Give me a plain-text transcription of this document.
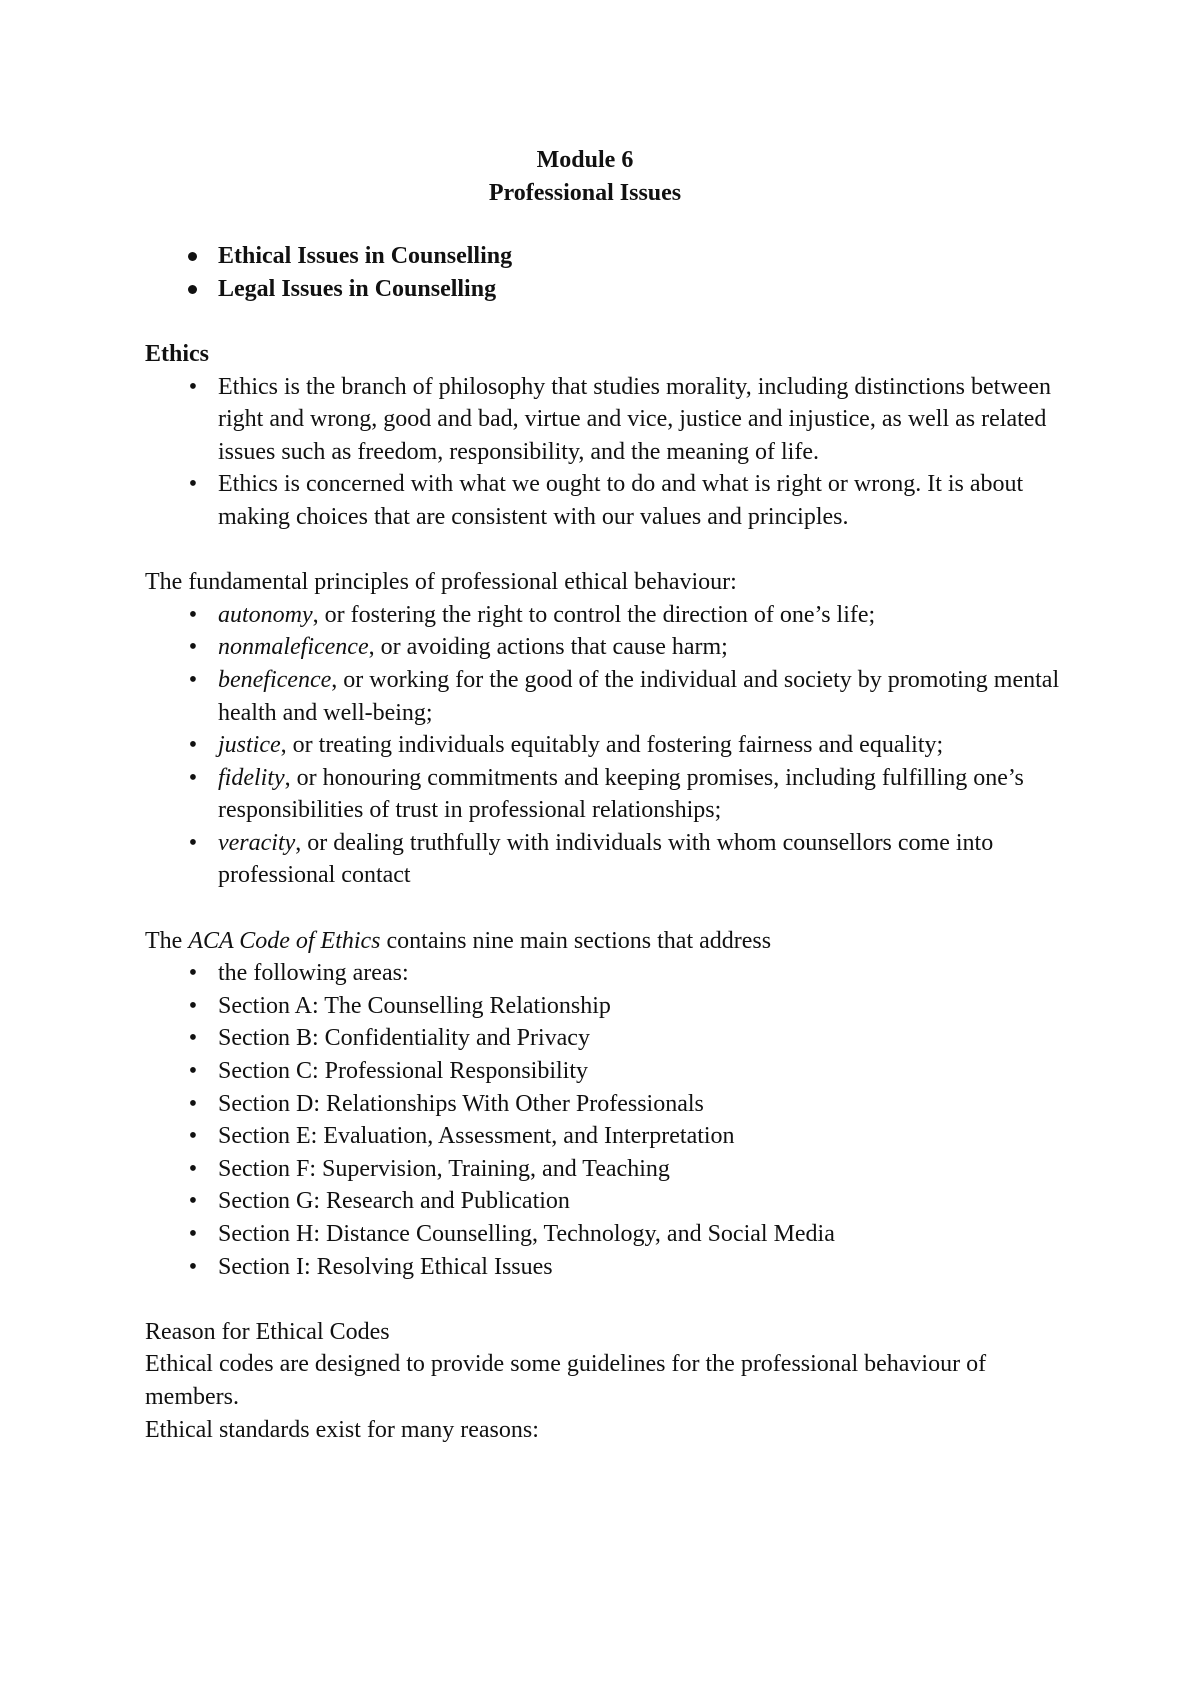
Module 6
Professional Issues
Ethical Issues in Counselling
Legal Issues in Counselling
Ethics
• Ethics is the branch of philosophy that studies morality, including distinctions between right and wrong, good and bad, virtue and vice, justice and injustice, as well as related issues such as freedom, responsibility, and the meaning of life.
• Ethics is concerned with what we ought to do and what is right or wrong. It is about making choices that are consistent with our values and principles.
The fundamental principles of professional ethical behaviour:
• autonomy, or fostering the right to control the direction of one’s life;
• nonmaleficence, or avoiding actions that cause harm;
• beneficence, or working for the good of the individual and society by promoting mental health and well-being;
• justice, or treating individuals equitably and fostering fairness and equality;
• fidelity, or honouring commitments and keeping promises, including fulfilling one’s responsibilities of trust in professional relationships;
• veracity, or dealing truthfully with individuals with whom counsellors come into professional contact
The ACA Code of Ethics contains nine main sections that address
• the following areas:
• Section A: The Counselling Relationship
• Section B: Confidentiality and Privacy
• Section C: Professional Responsibility
• Section D: Relationships With Other Professionals
• Section E: Evaluation, Assessment, and Interpretation
• Section F: Supervision, Training, and Teaching
• Section G: Research and Publication
• Section H: Distance Counselling, Technology, and Social Media
• Section I: Resolving Ethical Issues
Reason for Ethical Codes
Ethical codes are designed to provide some guidelines for the professional behaviour of members.
Ethical standards exist for many reasons:
